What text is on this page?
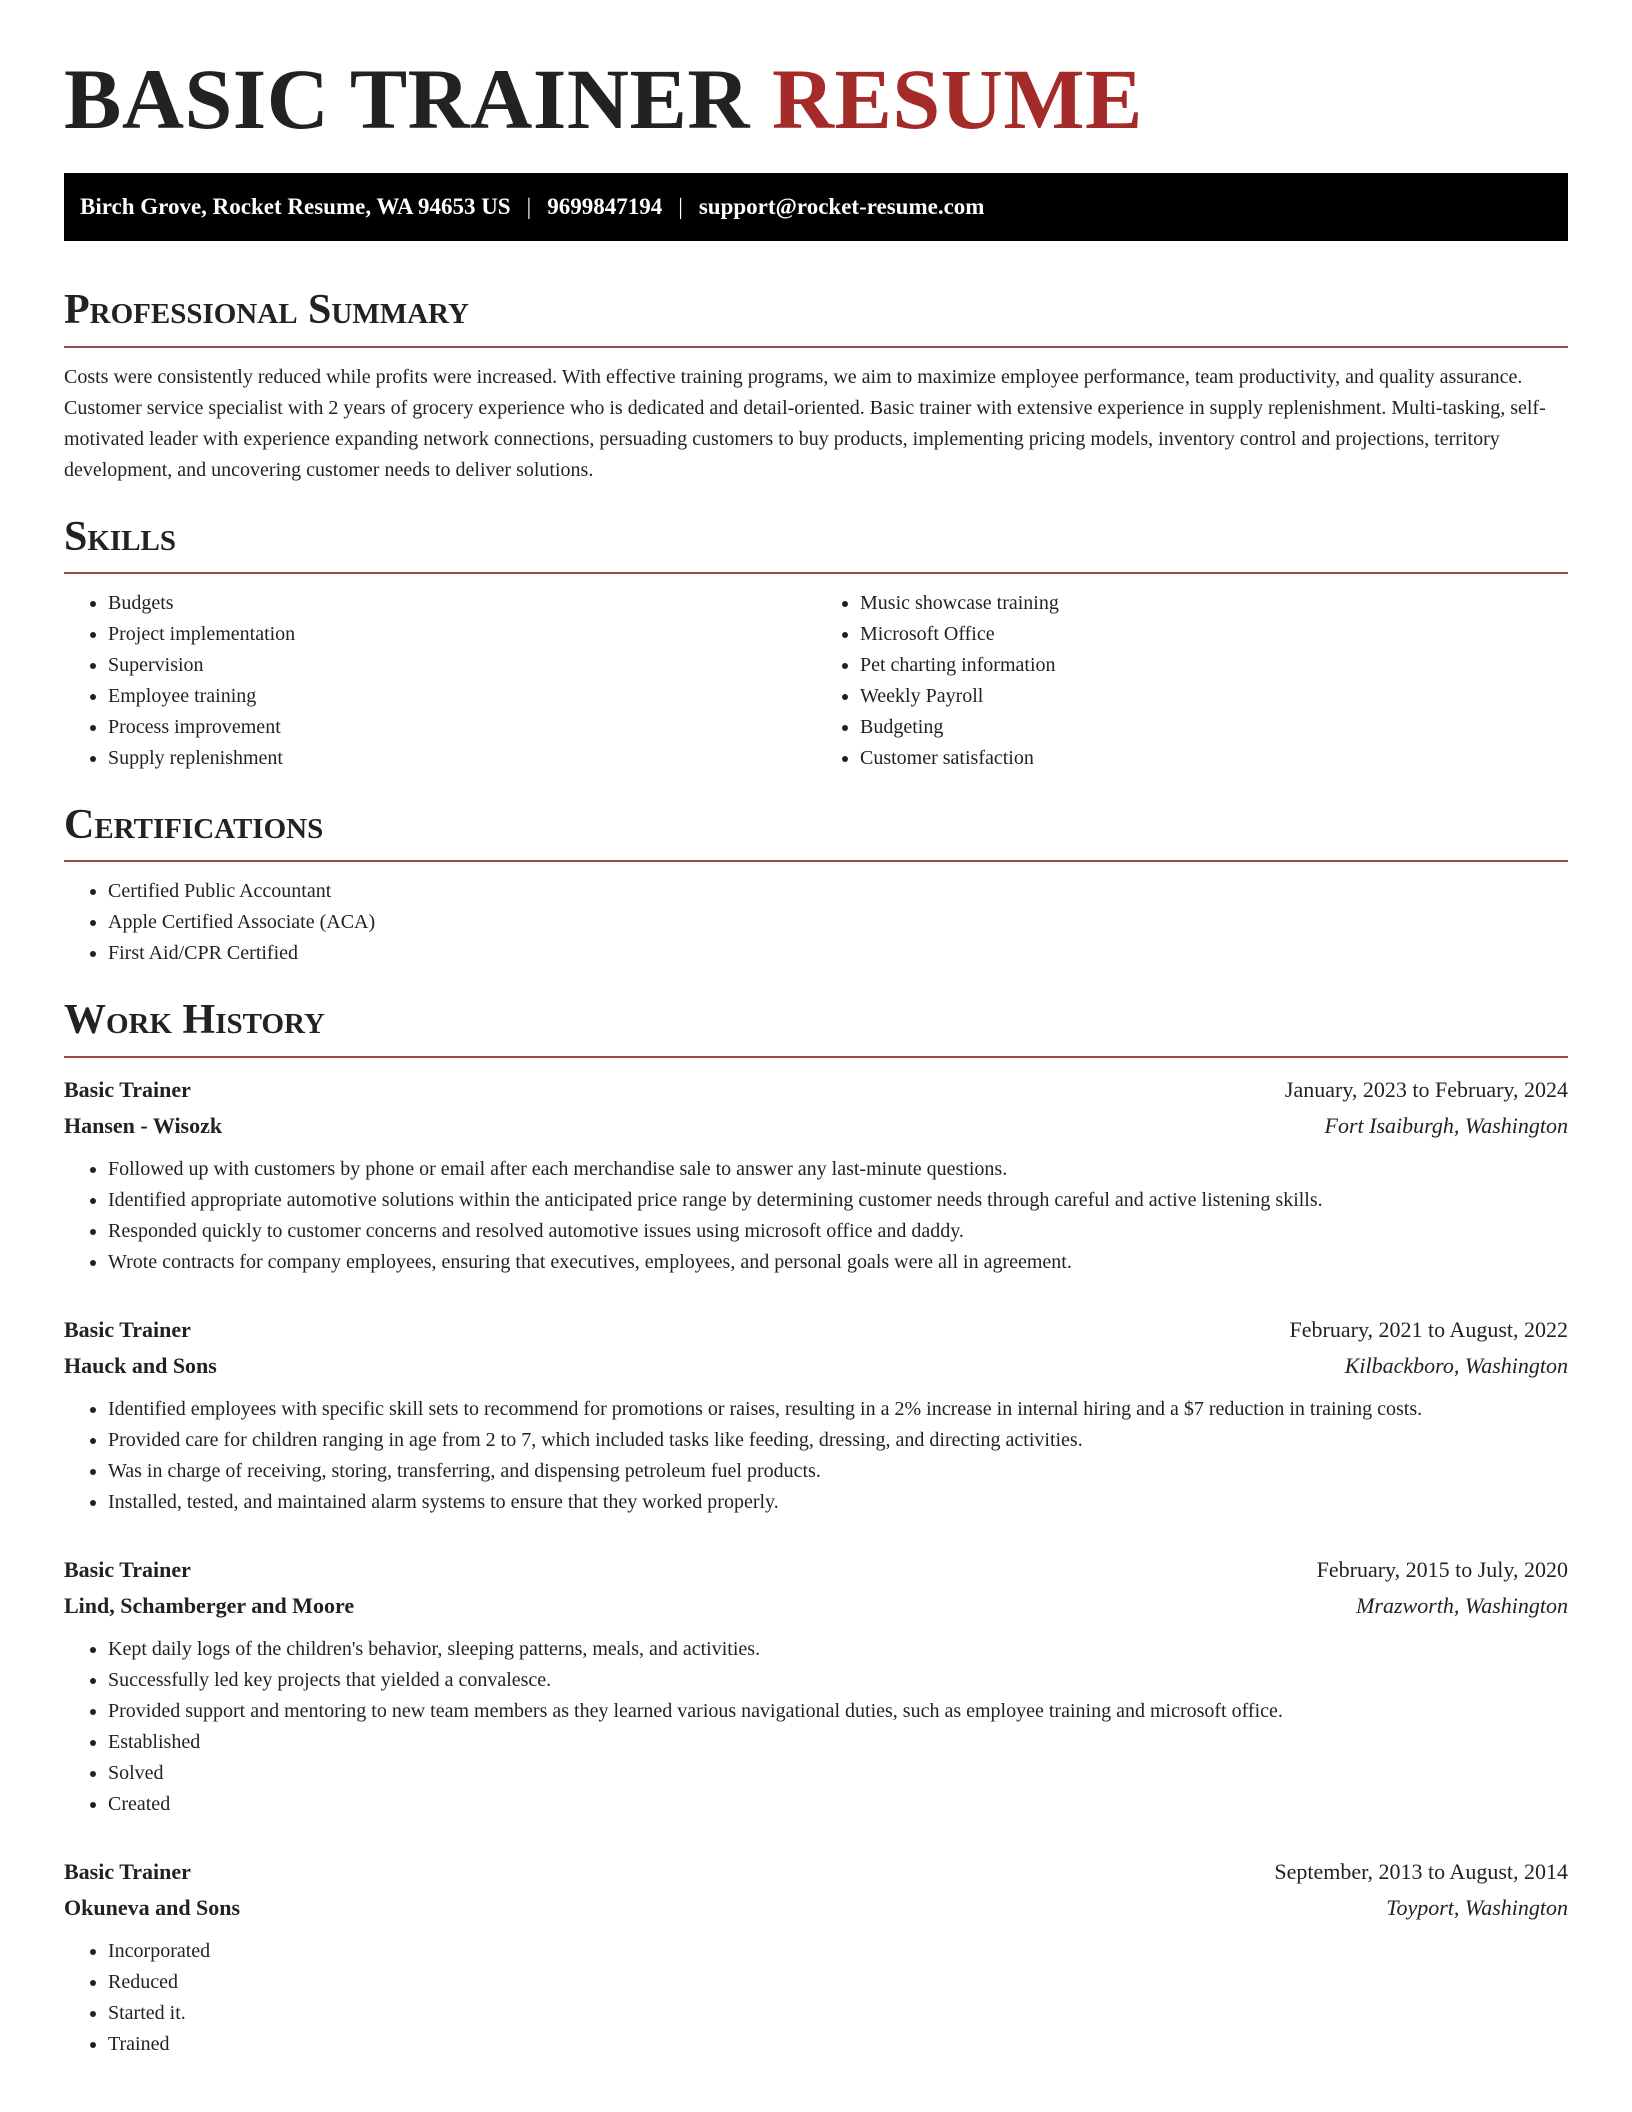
BASIC TRAINER RESUME
Birch Grove, Rocket Resume, WA 94653 US | 9699847194 | support@rocket-resume.com
Professional Summary

Costs were consistently reduced while profits were increased. With effective training programs, we aim to maximize employee performance, team productivity, and quality assurance. Customer service specialist with 2 years of grocery experience who is dedicated and detail-oriented. Basic trainer with extensive experience in supply replenishment. Multi-tasking, self-motivated leader with experience expanding network connections, persuading customers to buy products, implementing pricing models, inventory control and projections, territory development, and uncovering customer needs to deliver solutions.

Skills
• Budgets
• Project implementation
• Supervision
• Employee training
• Process improvement
• Supply replenishment
• Music showcase training
• Microsoft Office
• Pet charting information
• Weekly Payroll
• Budgeting
• Customer satisfaction
Certifications
• Certified Public Accountant
• Apple Certified Associate (ACA)
• First Aid/CPR Certified
Work History
Basic Trainer	January, 2023 to February, 2024
Hansen - Wisozk	Fort Isaiburgh, Washington
• Followed up with customers by phone or email after each merchandise sale to answer any last-minute questions.
• Identified appropriate automotive solutions within the anticipated price range by determining customer needs through careful and active listening skills.
• Responded quickly to customer concerns and resolved automotive issues using microsoft office and daddy.
• Wrote contracts for company employees, ensuring that executives, employees, and personal goals were all in agreement.
Basic Trainer	February, 2021 to August, 2022
Hauck and Sons	Kilbackboro, Washington
• Identified employees with specific skill sets to recommend for promotions or raises, resulting in a 2% increase in internal hiring and a $7 reduction in training costs.
• Provided care for children ranging in age from 2 to 7, which included tasks like feeding, dressing, and directing activities.
• Was in charge of receiving, storing, transferring, and dispensing petroleum fuel products.
• Installed, tested, and maintained alarm systems to ensure that they worked properly.
Basic Trainer	February, 2015 to July, 2020
Lind, Schamberger and Moore	Mrazworth, Washington
• Kept daily logs of the children's behavior, sleeping patterns, meals, and activities.
• Successfully led key projects that yielded a convalesce.
• Provided support and mentoring to new team members as they learned various navigational duties, such as employee training and microsoft office.
• Established
• Solved
• Created
Basic Trainer	September, 2013 to August, 2014
Okuneva and Sons	Toyport, Washington
• Incorporated
• Reduced
• Started it.
• Trained
